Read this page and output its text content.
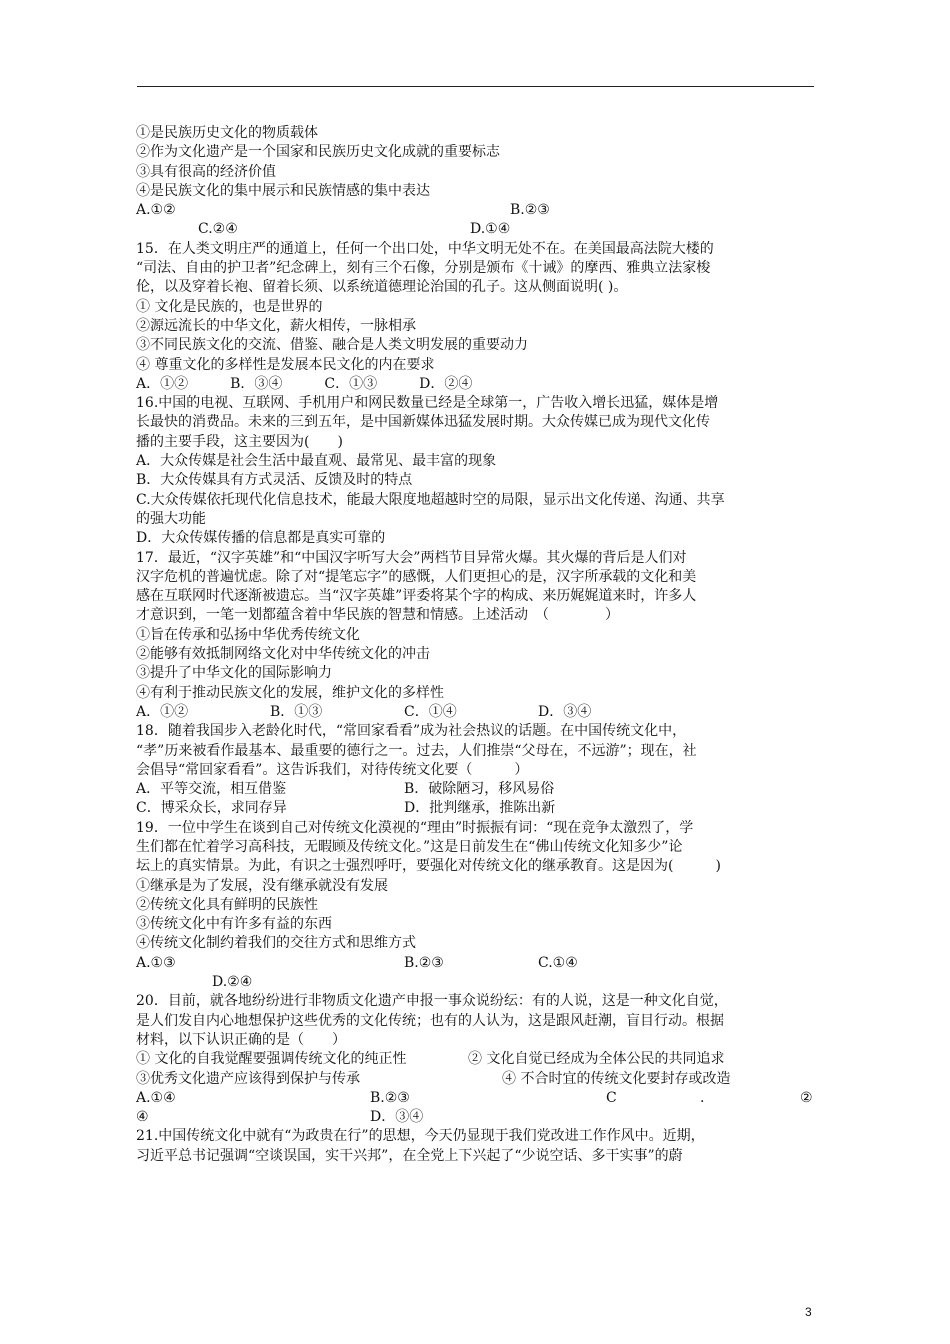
①是民族历史文化的物质载体
②作为文化遗产是一个国家和民族历史文化成就的重要标志
③具有很高的经济价值
④是民族文化的集中展示和民族情感的集中表达
A.①②	B.②③
C.②④	D.①④
15．在人类文明庄严的通道上，任何一个出口处，中华文明无处不在。在美国最高法院大楼的
“司法、自由的护卫者”纪念碑上，刻有三个石像，分别是颁布《十诫》的摩西、雅典立法家梭
伦，以及穿着长袍、留着长须、以系统道德理论治国的孔子。这从侧面说明( )。
① 文化是民族的，也是世界的
②源远流长的中华文化，薪火相传，一脉相承
③不同民族文化的交流、借鉴、融合是人类文明发展的重要动力
④ 尊重文化的多样性是发展本民文化的内在要求
A．①②　　　B．③④　　　C．①③　　　D．②④
16.中国的电视、互联网、手机用户和网民数量已经是全球第一，广告收入增长迅猛，媒体是增
长最快的消费品。未来的三到五年，是中国新媒体迅猛发展时期。大众传媒已成为现代文化传
播的主要手段，这主要因为(　　)
A．大众传媒是社会生活中最直观、最常见、最丰富的现象
B．大众传媒具有方式灵活、反馈及时的特点
C.大众传媒依托现代化信息技术，能最大限度地超越时空的局限，显示出文化传递、沟通、共享
的强大功能
D．大众传媒传播的信息都是真实可靠的
17．最近，“汉字英雄”和“中国汉字听写大会”两档节目异常火爆。其火爆的背后是人们对
汉字危机的普遍忧虑。除了对“提笔忘字”的感慨，人们更担心的是，汉字所承载的文化和美
感在互联网时代逐渐被遗忘。当“汉字英雄”评委将某个字的构成、来历娓娓道来时，许多人
才意识到，一笔一划都蕴含着中华民族的智慧和情感。上述活动　（　　　　）
①旨在传承和弘扬中华优秀传统文化
②能够有效抵制网络文化对中华传统文化的冲击
③提升了中华文化的国际影响力
④有利于推动民族文化的发展，维护文化的多样性
A．①②	B．①③	C．①④	D．③④
18．随着我国步入老龄化时代，“常回家看看”成为社会热议的话题。在中国传统文化中，
“孝”历来被看作最基本、最重要的德行之一。过去，人们推崇“父母在，不远游”；现在，社
会倡导“常回家看看”。这告诉我们，对待传统文化要（　　　）
A．平等交流，相互借鉴	B．破除陋习，移风易俗
C．博采众长，求同存异	D．批判继承，推陈出新
19．一位中学生在谈到自己对传统文化漠视的“理由”时振振有词：“现在竞争太激烈了，学
生们都在忙着学习高科技，无暇顾及传统文化。”这是日前发生在“佛山传统文化知多少”论
坛上的真实情景。为此，有识之士强烈呼吁，要强化对传统文化的继承教育。这是因为(　　　)
①继承是为了发展，没有继承就没有发展
②传统文化具有鲜明的民族性
③传统文化中有许多有益的东西
④传统文化制约着我们的交往方式和思维方式
A.①③	B.②③	C.①④
D.②④
20．目前，就各地纷纷进行非物质文化遗产申报一事众说纷纭：有的人说，这是一种文化自觉，
是人们发自内心地想保护这些优秀的文化传统；也有的人认为，这是跟风赶潮，盲目行动。根据
材料，以下认识正确的是（　　）
① 文化的自我觉醒要强调传统文化的纯正性	② 文化自觉已经成为全体公民的共同追求
③优秀文化遗产应该得到保护与传承	④ 不合时宜的传统文化要封存或改造
A.①④	B.②③	C	.	②
④	D．③④
21.中国传统文化中就有“为政贵在行”的思想，今天仍显现于我们党改进工作作风中。近期，
习近平总书记强调“空谈误国，实干兴邦”，在全党上下兴起了“少说空话、多干实事”的蔚
3
